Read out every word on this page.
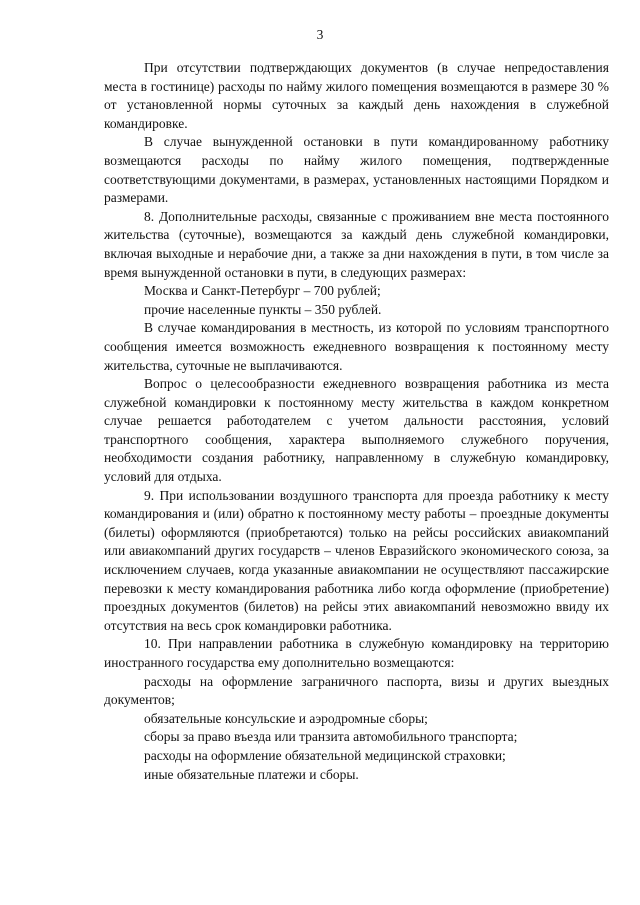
3

При отсутствии подтверждающих документов (в случае непредоставления места в гостинице) расходы по найму жилого помещения возмещаются в размере 30 % от установленной нормы суточных за каждый день нахождения в служебной командировке.

В случае вынужденной остановки в пути командированному работнику возмещаются расходы по найму жилого помещения, подтвержденные соответствующими документами, в размерах, установленных настоящими Порядком и размерами.

8. Дополнительные расходы, связанные с проживанием вне места постоянного жительства (суточные), возмещаются за каждый день служебной командировки, включая выходные и нерабочие дни, а также за дни нахождения в пути, в том числе за время вынужденной остановки в пути, в следующих размерах:

Москва и Санкт-Петербург – 700 рублей;

прочие населенные пункты – 350 рублей.

В случае командирования в местность, из которой по условиям транспортного сообщения имеется возможность ежедневного возвращения к постоянному месту жительства, суточные не выплачиваются.

Вопрос о целесообразности ежедневного возвращения работника из места служебной командировки к постоянному месту жительства в каждом конкретном случае решается работодателем с учетом дальности расстояния, условий транспортного сообщения, характера выполняемого служебного поручения, необходимости создания работнику, направленному в служебную командировку, условий для отдыха.

9. При использовании воздушного транспорта для проезда работнику к месту командирования и (или) обратно к постоянному месту работы – проездные документы (билеты) оформляются (приобретаются) только на рейсы российских авиакомпаний или авиакомпаний других государств – членов Евразийского экономического союза, за исключением случаев, когда указанные авиакомпании не осуществляют пассажирские перевозки к месту командирования работника либо когда оформление (приобретение) проездных документов (билетов) на рейсы этих авиакомпаний невозможно ввиду их отсутствия на весь срок командировки работника.

10. При направлении работника в служебную командировку на территорию иностранного государства ему дополнительно возмещаются:

расходы на оформление заграничного паспорта, визы и других выездных документов;

обязательные консульские и аэродромные сборы;

сборы за право въезда или транзита автомобильного транспорта;

расходы на оформление обязательной медицинской страховки;

иные обязательные платежи и сборы.
